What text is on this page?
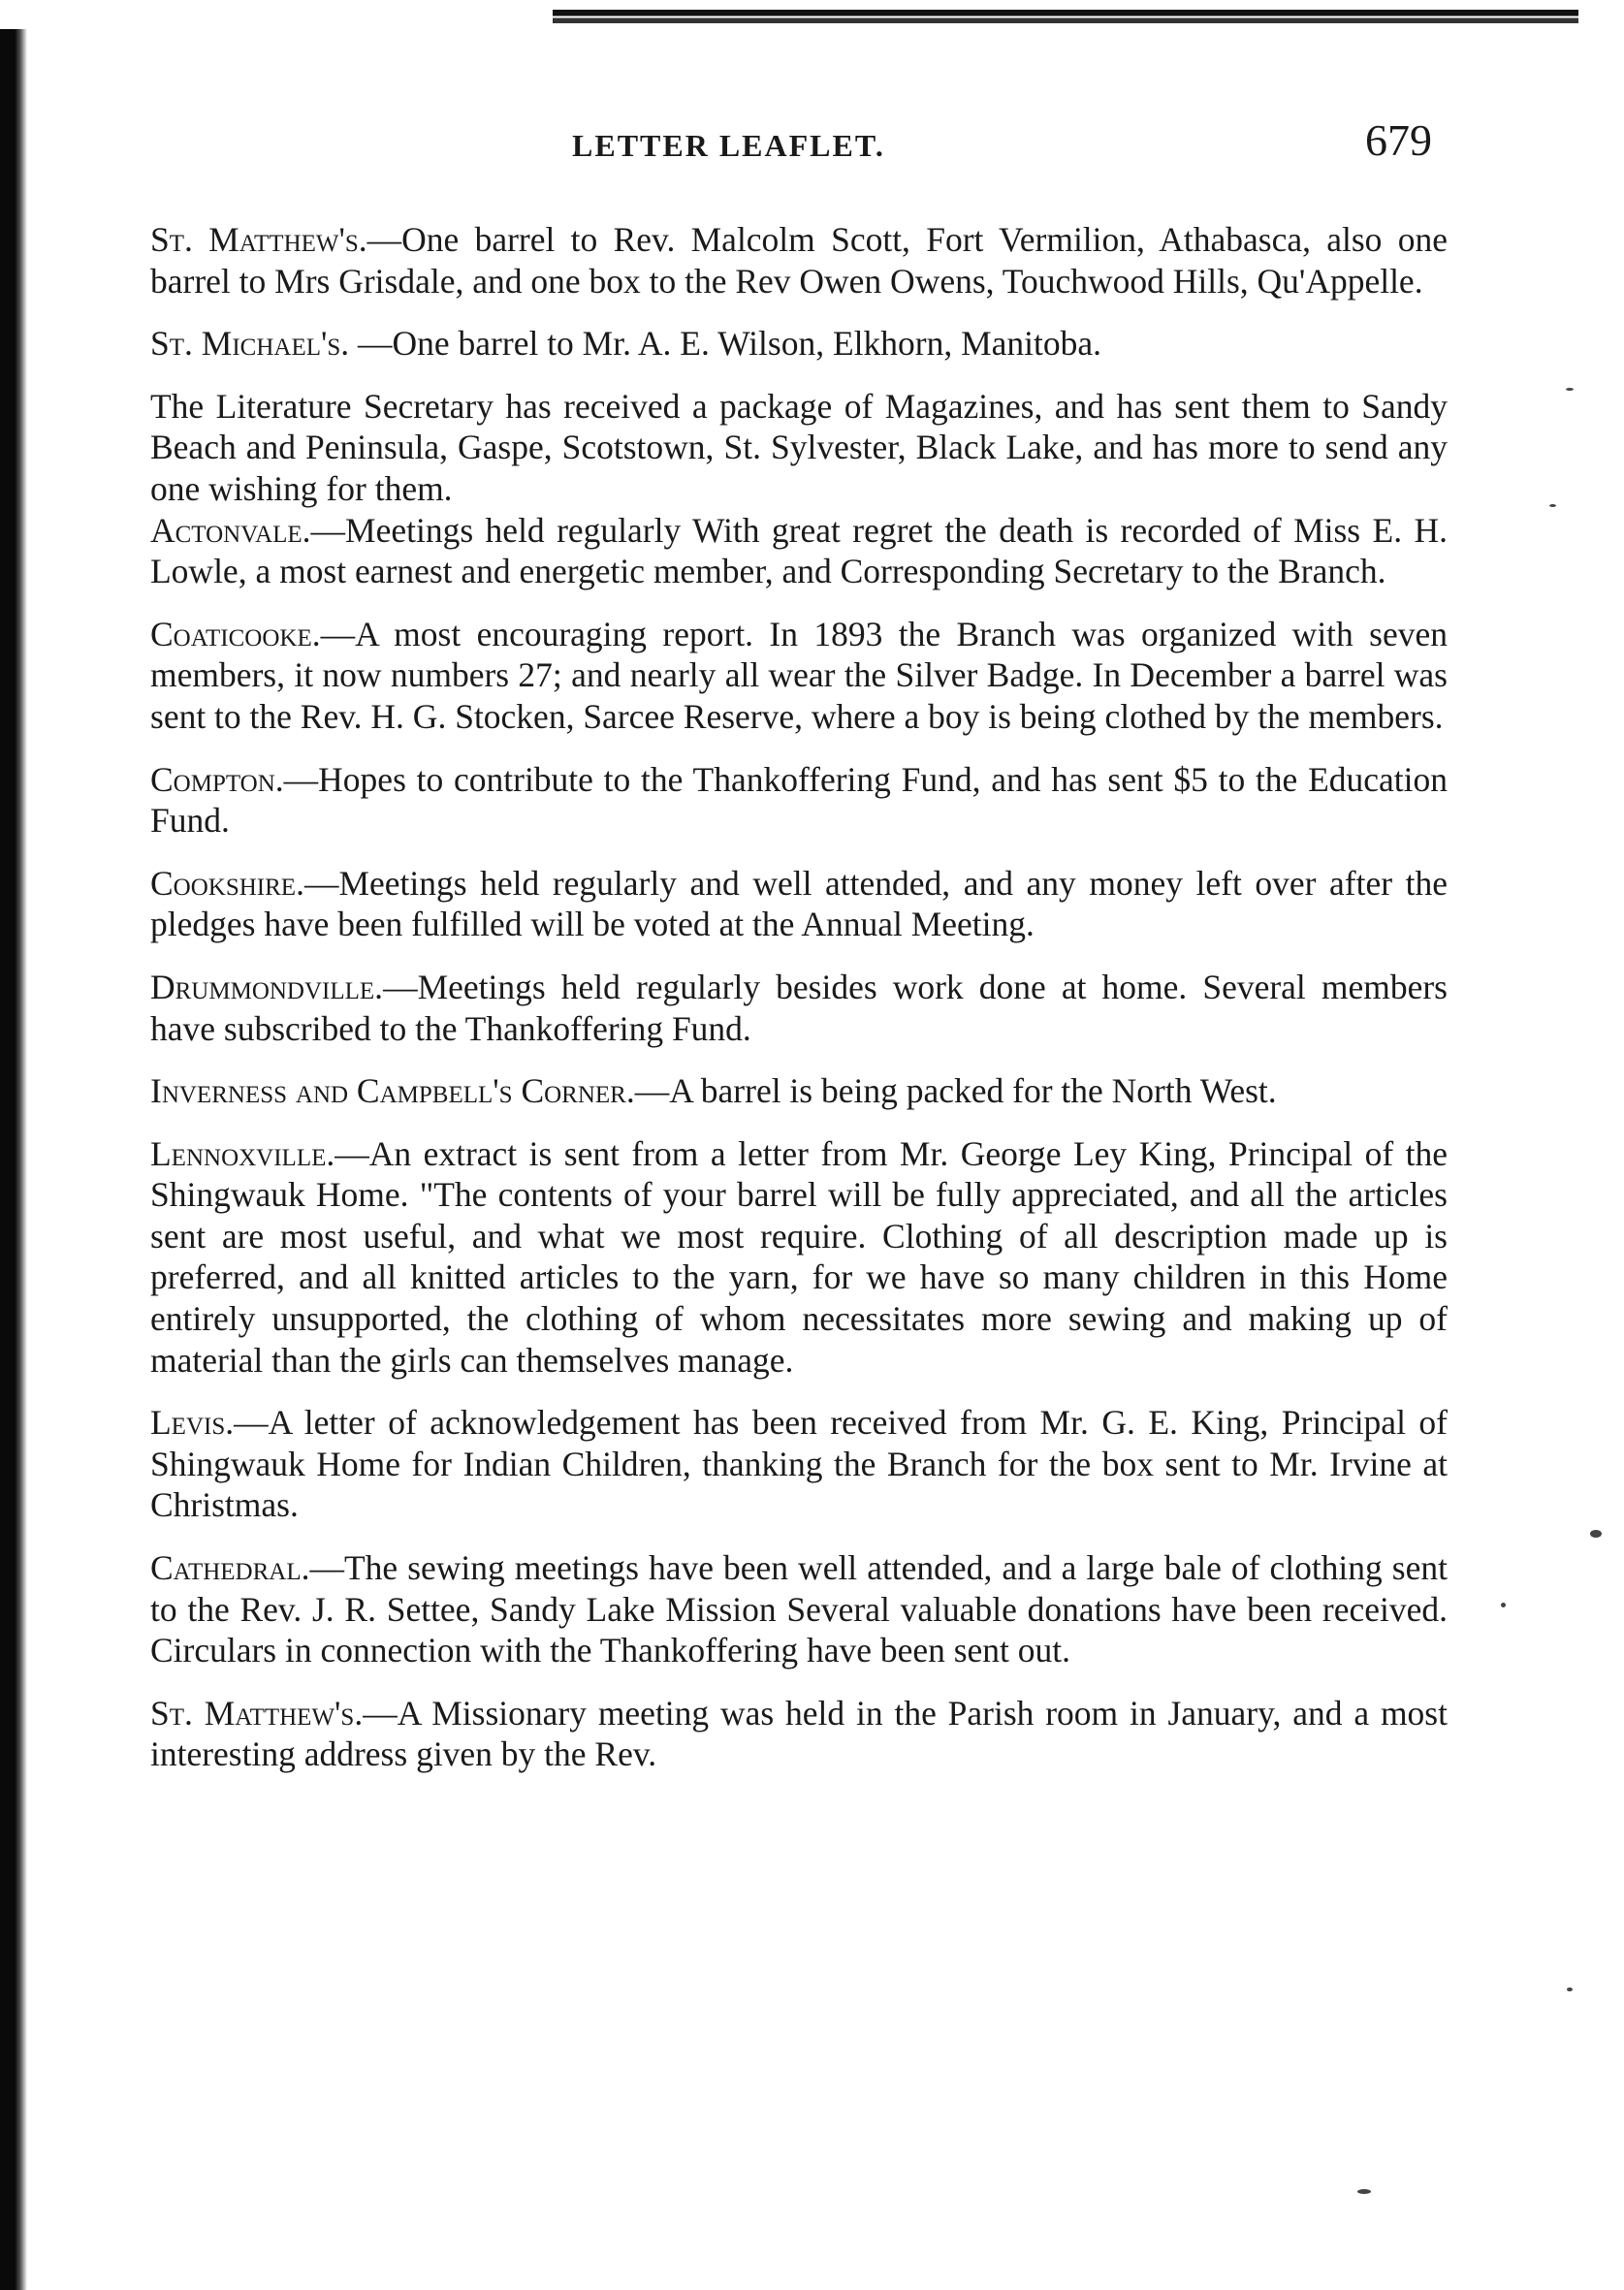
LETTER LEAFLET.	679

St. Matthew's.—One barrel to Rev. Malcolm Scott, Fort Vermilion, Athabasca, also one barrel to Mrs Grisdale, and one box to the Rev Owen Owens, Touchwood Hills, Qu'Appelle.

St. Michael's. —One barrel to Mr. A. E. Wilson, Elkhorn, Manitoba.

The Literature Secretary has received a package of Magazines, and has sent them to Sandy Beach and Peninsula, Gaspe, Scotstown, St. Sylvester, Black Lake, and has more to send any one wishing for them.

Actonvale.—Meetings held regularly With great regret the death is recorded of Miss E. H. Lowle, a most earnest and energetic member, and Corresponding Secretary to the Branch.

Coaticooke.—A most encouraging report. In 1893 the Branch was organized with seven members, it now numbers 27; and nearly all wear the Silver Badge. In December a barrel was sent to the Rev. H. G. Stocken, Sarcee Reserve, where a boy is being clothed by the members.

Compton.—Hopes to contribute to the Thankoffering Fund, and has sent $5 to the Education Fund.

Cookshire.—Meetings held regularly and well attended, and any money left over after the pledges have been fulfilled will be voted at the Annual Meeting.

Drummondville.—Meetings held regularly besides work done at home. Several members have subscribed to the Thankoffering Fund.

Inverness and Campbell's Corner.—A barrel is being packed for the North West.

Lennoxville.—An extract is sent from a letter from Mr. George Ley King, Principal of the Shingwauk Home. "The contents of your barrel will be fully appreciated, and all the articles sent are most useful, and what we most require. Clothing of all description made up is preferred, and all knitted articles to the yarn, for we have so many children in this Home entirely unsupported, the clothing of whom necessitates more sewing and making up of material than the girls can themselves manage.

Levis.—A letter of acknowledgement has been received from Mr. G. E. King, Principal of Shingwauk Home for Indian Children, thanking the Branch for the box sent to Mr. Irvine at Christmas.

Cathedral.—The sewing meetings have been well attended, and a large bale of clothing sent to the Rev. J. R. Settee, Sandy Lake Mission Several valuable donations have been received. Circulars in connection with the Thankoffering have been sent out.

St. Matthew's.—A Missionary meeting was held in the Parish room in January, and a most interesting address given by the Rev.
